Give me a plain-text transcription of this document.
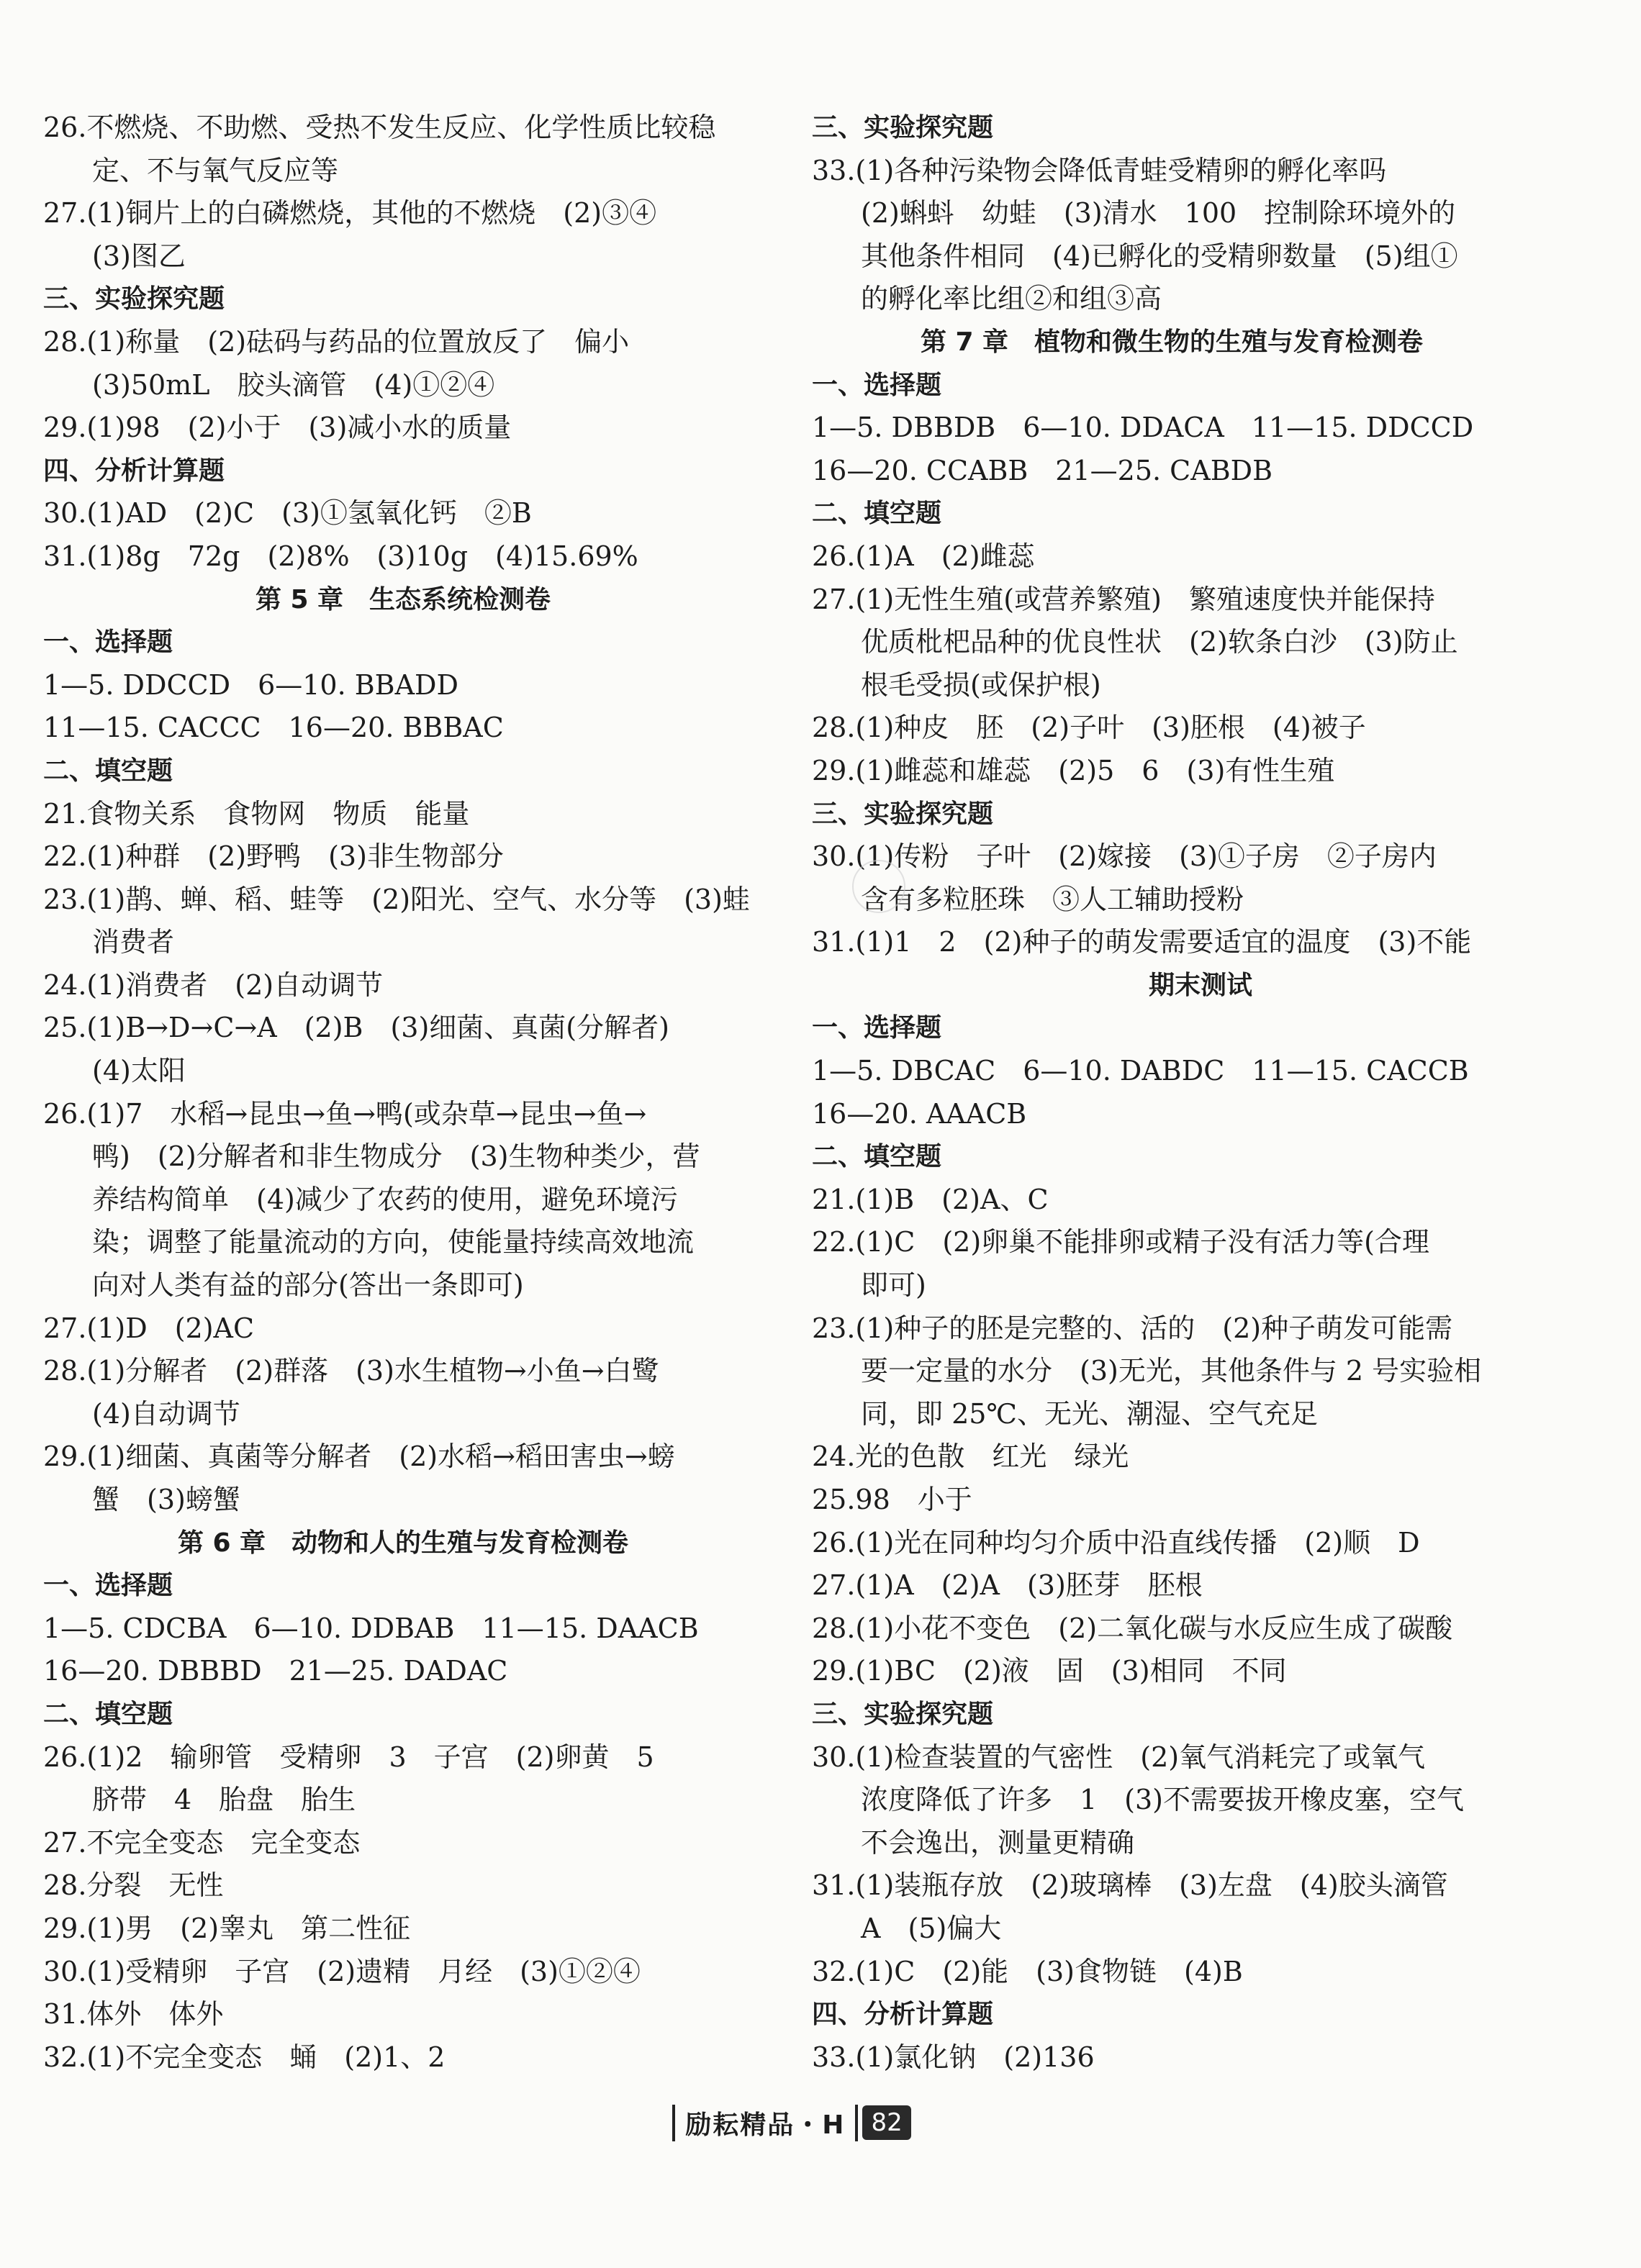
26.不燃烧、不助燃、受热不发生反应、化学性质比较稳
定、不与氧气反应等
27.(1)铜片上的白磷燃烧，其他的不燃烧　(2)③④
(3)图乙
三、实验探究题
28.(1)称量　(2)砝码与药品的位置放反了　偏小
(3)50mL　胶头滴管　(4)①②④
29.(1)98　(2)小于　(3)减小水的质量
四、分析计算题
30.(1)AD　(2)C　(3)①氢氧化钙　②B
31.(1)8g　72g　(2)8%　(3)10g　(4)15.69%
第 5 章　生态系统检测卷
一、选择题
1—5. DDCCD　6—10. BBADD
11—15. CACCC　16—20. BBBAC
二、填空题
21.食物关系　食物网　物质　能量
22.(1)种群　(2)野鸭　(3)非生物部分
23.(1)鹊、蝉、稻、蛙等　(2)阳光、空气、水分等　(3)蛙
消费者
24.(1)消费者　(2)自动调节
25.(1)B→D→C→A　(2)B　(3)细菌、真菌(分解者)
(4)太阳
26.(1)7　水稻→昆虫→鱼→鸭(或杂草→昆虫→鱼→
鸭)　(2)分解者和非生物成分　(3)生物种类少，营
养结构简单　(4)减少了农药的使用，避免环境污
染；调整了能量流动的方向，使能量持续高效地流
向对人类有益的部分(答出一条即可)
27.(1)D　(2)AC
28.(1)分解者　(2)群落　(3)水生植物→小鱼→白鹭
(4)自动调节
29.(1)细菌、真菌等分解者　(2)水稻→稻田害虫→螃
蟹　(3)螃蟹
第 6 章　动物和人的生殖与发育检测卷
一、选择题
1—5. CDCBA　6—10. DDBAB　11—15. DAACB
16—20. DBBBD　21—25. DADAC
二、填空题
26.(1)2　输卵管　受精卵　3　子宫　(2)卵黄　5
脐带　4　胎盘　胎生
27.不完全变态　完全变态
28.分裂　无性
29.(1)男　(2)睾丸　第二性征
30.(1)受精卵　子宫　(2)遗精　月经　(3)①②④
31.体外　体外
32.(1)不完全变态　蛹　(2)1、2
三、实验探究题
33.(1)各种污染物会降低青蛙受精卵的孵化率吗
(2)蝌蚪　幼蛙　(3)清水　100　控制除环境外的
其他条件相同　(4)已孵化的受精卵数量　(5)组①
的孵化率比组②和组③高
第 7 章　植物和微生物的生殖与发育检测卷
一、选择题
1—5. DBBDB　6—10. DDACA　11—15. DDCCD
16—20. CCABB　21—25. CABDB
二、填空题
26.(1)A　(2)雌蕊
27.(1)无性生殖(或营养繁殖)　繁殖速度快并能保持
优质枇杷品种的优良性状　(2)软条白沙　(3)防止
根毛受损(或保护根)
28.(1)种皮　胚　(2)子叶　(3)胚根　(4)被子
29.(1)雌蕊和雄蕊　(2)5　6　(3)有性生殖
三、实验探究题
30.(1)传粉　子叶　(2)嫁接　(3)①子房　②子房内
含有多粒胚珠　③人工辅助授粉
31.(1)1　2　(2)种子的萌发需要适宜的温度　(3)不能
期末测试
一、选择题
1—5. DBCAC　6—10. DABDC　11—15. CACCB
16—20. AAACB
二、填空题
21.(1)B　(2)A、C
22.(1)C　(2)卵巢不能排卵或精子没有活力等(合理
即可)
23.(1)种子的胚是完整的、活的　(2)种子萌发可能需
要一定量的水分　(3)无光，其他条件与 2 号实验相
同，即 25℃、无光、潮湿、空气充足
24.光的色散　红光　绿光
25.98　小于
26.(1)光在同种均匀介质中沿直线传播　(2)顺　D
27.(1)A　(2)A　(3)胚芽　胚根
28.(1)小花不变色　(2)二氧化碳与水反应生成了碳酸
29.(1)BC　(2)液　固　(3)相同　不同
三、实验探究题
30.(1)检查装置的气密性　(2)氧气消耗完了或氧气
浓度降低了许多　1　(3)不需要拔开橡皮塞，空气
不会逸出，测量更精确
31.(1)装瓶存放　(2)玻璃棒　(3)左盘　(4)胶头滴管
A　(5)偏大
32.(1)C　(2)能　(3)食物链　(4)B
四、分析计算题
33.(1)氯化钠　(2)136
励耘精品・H	82
